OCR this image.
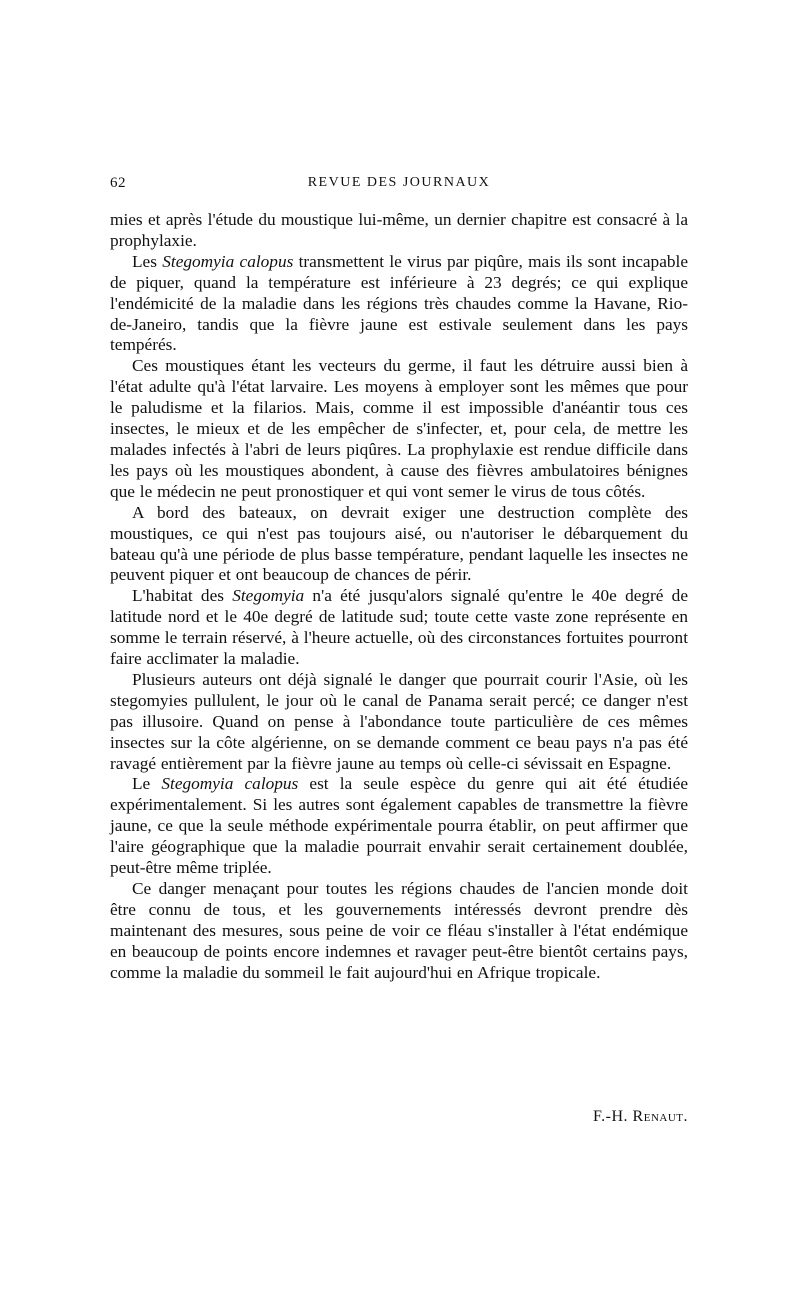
62	REVUE DES JOURNAUX

mies et après l'étude du moustique lui-même, un dernier chapitre est consacré à la prophylaxie.

Les Stegomyia calopus transmettent le virus par piqûre, mais ils sont incapable de piquer, quand la température est inférieure à 23 degrés; ce qui explique l'endémicité de la maladie dans les régions très chaudes comme la Havane, Rio-de-Janeiro, tandis que la fièvre jaune est estivale seulement dans les pays tempérés.

Ces moustiques étant les vecteurs du germe, il faut les détruire aussi bien à l'état adulte qu'à l'état larvaire. Les moyens à employer sont les mêmes que pour le paludisme et la filarios. Mais, comme il est impossible d'anéantir tous ces insectes, le mieux et de les empêcher de s'infecter, et, pour cela, de mettre les malades infectés à l'abri de leurs piqûres. La prophylaxie est rendue difficile dans les pays où les moustiques abondent, à cause des fièvres ambulatoires bénignes que le médecin ne peut pronostiquer et qui vont semer le virus de tous côtés.

A bord des bateaux, on devrait exiger une destruction complète des moustiques, ce qui n'est pas toujours aisé, ou n'autoriser le débarquement du bateau qu'à une période de plus basse température, pendant laquelle les insectes ne peuvent piquer et ont beaucoup de chances de périr.

L'habitat des Stegomyia n'a été jusqu'alors signalé qu'entre le 40e degré de latitude nord et le 40e degré de latitude sud; toute cette vaste zone représente en somme le terrain réservé, à l'heure actuelle, où des circonstances fortuites pourront faire acclimater la maladie.

Plusieurs auteurs ont déjà signalé le danger que pourrait courir l'Asie, où les stegomyies pullulent, le jour où le canal de Panama serait percé; ce danger n'est pas illusoire. Quand on pense à l'abondance toute particulière de ces mêmes insectes sur la côte algérienne, on se demande comment ce beau pays n'a pas été ravagé entièrement par la fièvre jaune au temps où celle-ci sévissait en Espagne.

Le Stegomyia calopus est la seule espèce du genre qui ait été étudiée expérimentalement. Si les autres sont également capables de transmettre la fièvre jaune, ce que la seule méthode expérimentale pourra établir, on peut affirmer que l'aire géographique que la maladie pourrait envahir serait certainement doublée, peut-être même triplée.

Ce danger menaçant pour toutes les régions chaudes de l'ancien monde doit être connu de tous, et les gouvernements intéressés devront prendre dès maintenant des mesures, sous peine de voir ce fléau s'installer à l'état endémique en beaucoup de points encore indemnes et ravager peut-être bientôt certains pays, comme la maladie du sommeil le fait aujourd'hui en Afrique tropicale.

F.-H. Renaut.
